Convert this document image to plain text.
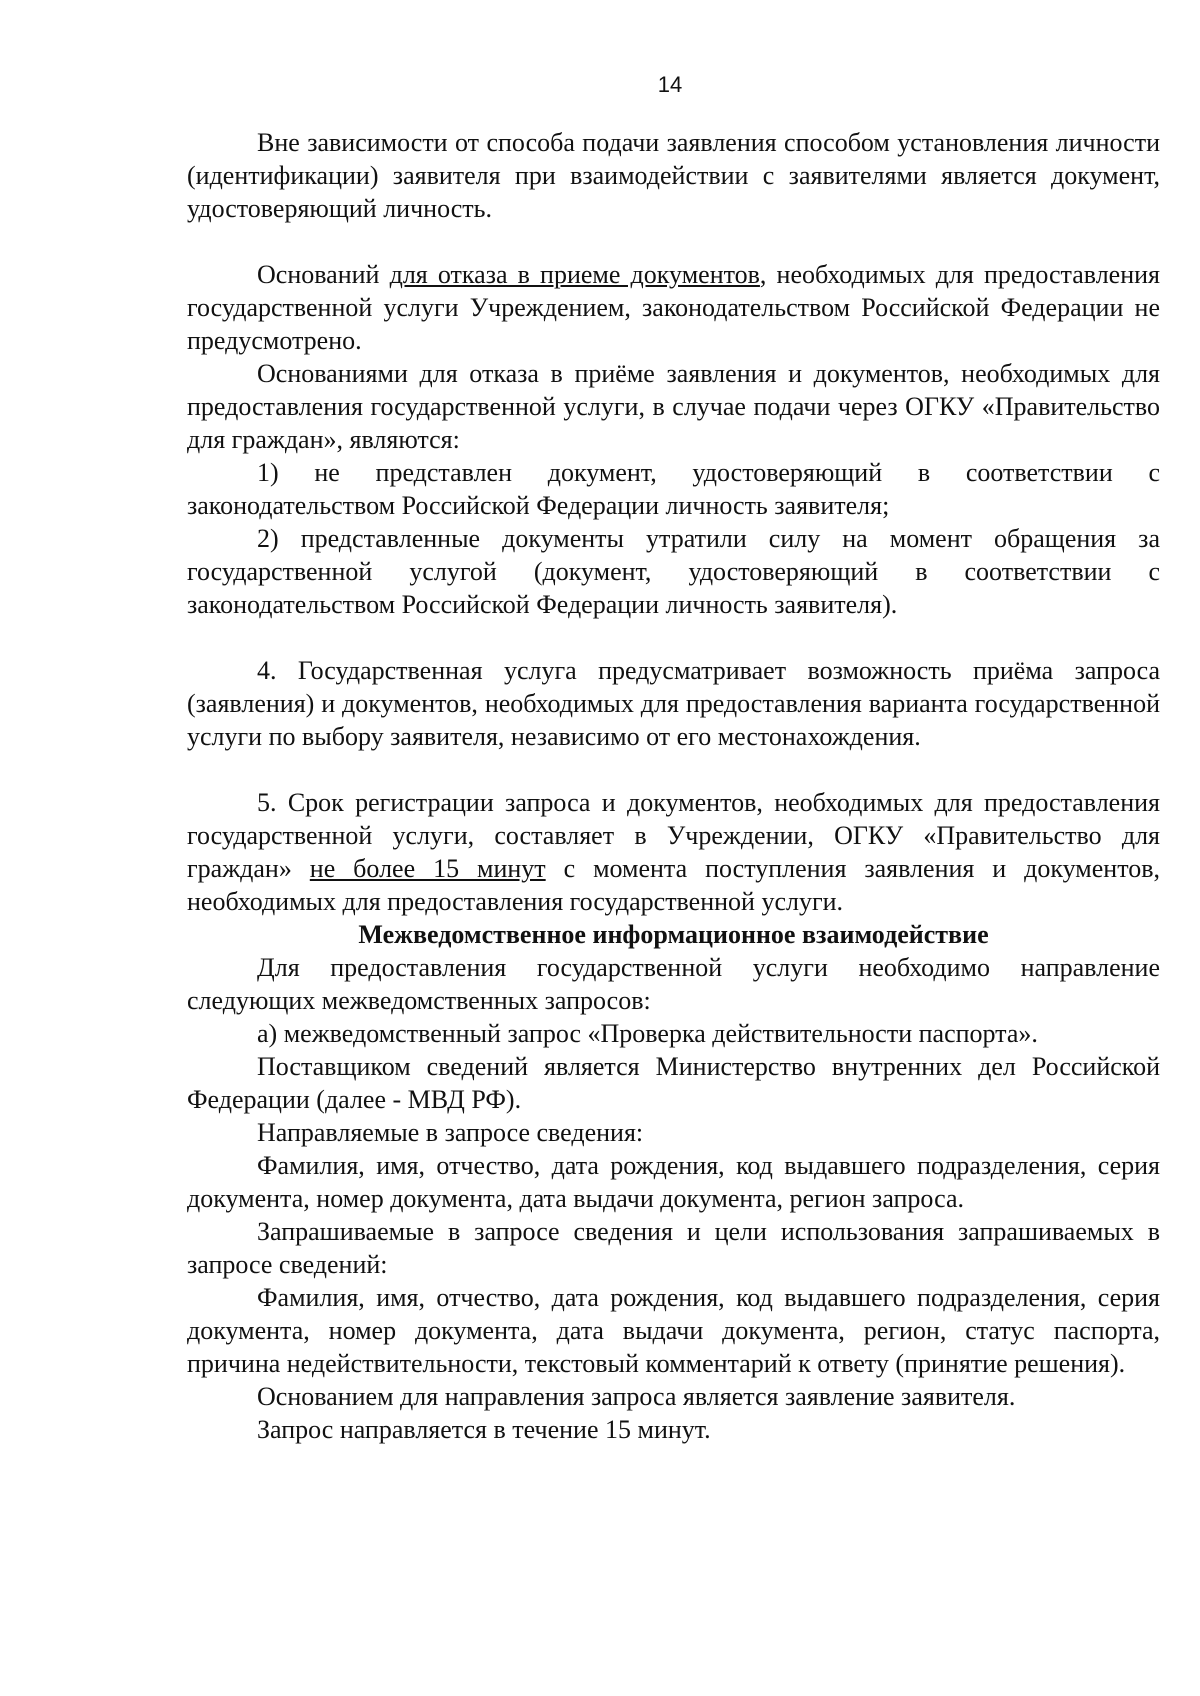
14

Вне зависимости от способа подачи заявления способом установления личности (идентификации) заявителя при взаимодействии с заявителями является документ, удостоверяющий личность.

Оснований для отказа в приеме документов, необходимых для предоставления государственной услуги Учреждением, законодательством Российской Федерации не предусмотрено.

Основаниями для отказа в приёме заявления и документов, необходимых для предоставления государственной услуги, в случае подачи через ОГКУ «Правительство для граждан», являются:

1) не представлен документ, удостоверяющий в соответствии с законодательством Российской Федерации личность заявителя;

2) представленные документы утратили силу на момент обращения за государственной услугой (документ, удостоверяющий в соответствии с законодательством Российской Федерации личность заявителя).

4. Государственная услуга предусматривает возможность приёма запроса (заявления) и документов, необходимых для предоставления варианта государственной услуги по выбору заявителя, независимо от его местонахождения.

5. Срок регистрации запроса и документов, необходимых для предоставления государственной услуги, составляет в Учреждении, ОГКУ «Правительство для граждан» не более 15 минут с момента поступления заявления и документов, необходимых для предоставления государственной услуги.

Межведомственное информационное взаимодействие

Для предоставления государственной услуги необходимо направление следующих межведомственных запросов:

а) межведомственный запрос «Проверка действительности паспорта».

Поставщиком сведений является Министерство внутренних дел Российской Федерации (далее - МВД РФ).

Направляемые в запросе сведения:

Фамилия, имя, отчество, дата рождения, код выдавшего подразделения, серия документа, номер документа, дата выдачи документа, регион запроса.

Запрашиваемые в запросе сведения и цели использования запрашиваемых в запросе сведений:

Фамилия, имя, отчество, дата рождения, код выдавшего подразделения, серия документа, номер документа, дата выдачи документа, регион, статус паспорта, причина недействительности, текстовый комментарий к ответу (принятие решения).

Основанием для направления запроса является заявление заявителя.

Запрос направляется в течение 15 минут.
